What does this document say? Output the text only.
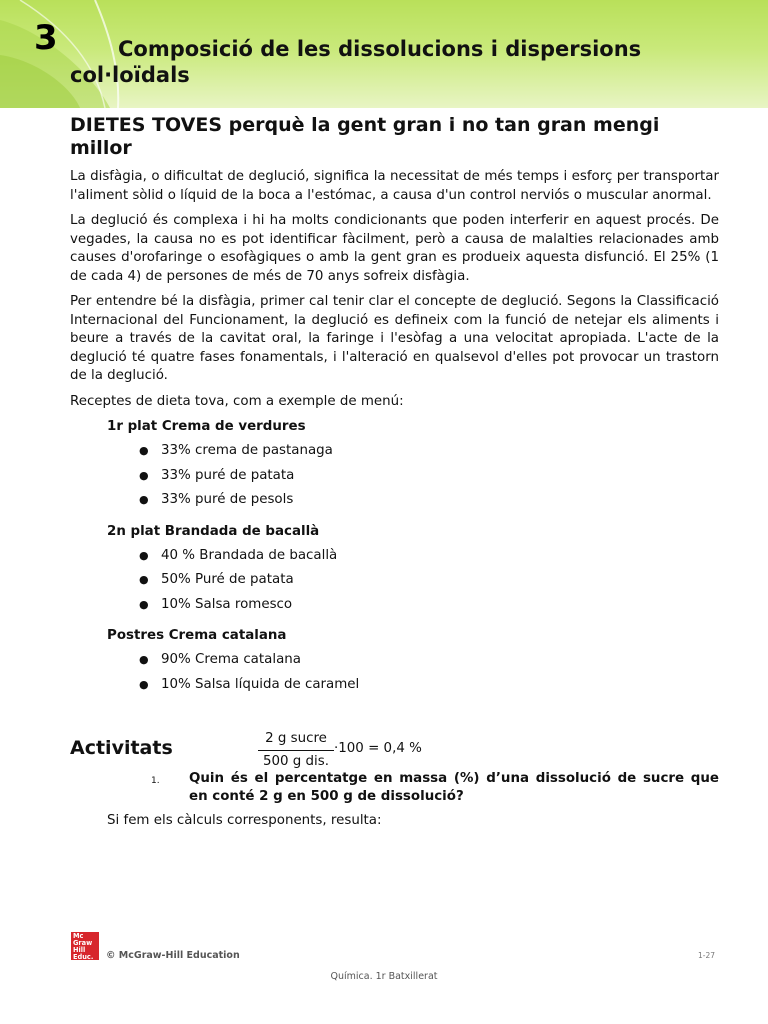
3	Composició de les dissolucions i dispersions col·loïdals
DIETES TOVES perquè la gent gran i no tan gran mengi millor

La disfàgia, o dificultat de deglució, significa la necessitat de més temps i esforç per transportar l'aliment sòlid o líquid de la boca a l'estómac, a causa d'un control nerviós o muscular anormal.

La deglució és complexa i hi ha molts condicionants que poden interferir en aquest procés. De vegades, la causa no es pot identificar fàcilment, però a causa de malalties relacionades amb causes d'orofaringe o esofàgiques o amb la gent gran es produeix aquesta disfunció. El 25% (1 de cada 4) de persones de més de 70 anys sofreix disfàgia.

Per entendre bé la disfàgia, primer cal tenir clar el concepte de deglució. Segons la Classificació Internacional del Funcionament, la deglució es defineix com la funció de netejar els aliments i beure a través de la cavitat oral, la faringe i l'esòfag a una velocitat apropiada. L'acte de la deglució té quatre fases fonamentals, i l'alteració en qualsevol d'elles pot provocar un trastorn de la deglució.

Receptes de dieta tova, com a exemple de menú:

1r plat Crema de verdures
● 33% crema de pastanaga
● 33% puré de patata
● 33% puré de pesols
2n plat Brandada de bacallà
● 40 % Brandada de bacallà
● 50% Puré de patata
● 10% Salsa romesco
Postres Crema catalana
● 90% Crema catalana
● 10% Salsa líquida de caramel
Activitats
1. Quin és el percentatge en massa (%) d’una dissolució de sucre que en conté 2 g en 500 g de dissolució?
Si fem els càlculs corresponents, resulta:
2 g sucre
500 g dis.
·100 = 0,4 %
Mc
Graw
Hill
Educ.	© McGraw-Hill Education	1-27
Química. 1r Batxillerat
